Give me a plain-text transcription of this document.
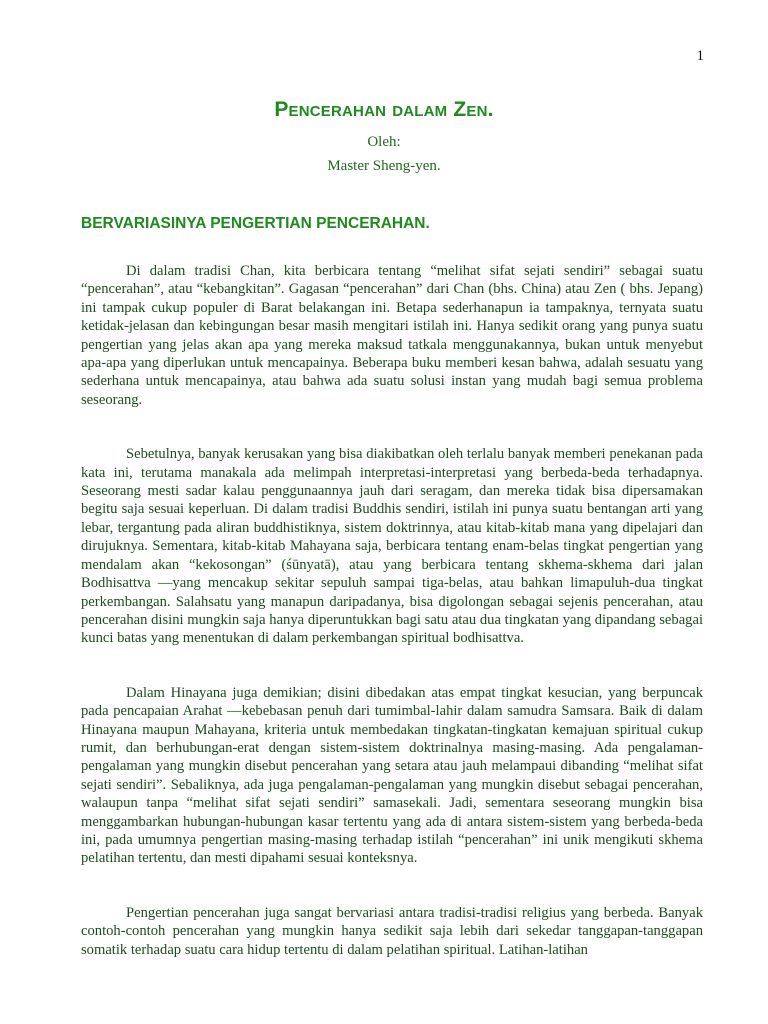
1
Pencerahan dalam Zen.
Oleh:
Master Sheng-yen.
BERVARIASINYA PENGERTIAN PENCERAHAN.

Di dalam tradisi Chan, kita berbicara tentang “melihat sifat sejati sendiri” sebagai suatu “pencerahan”, atau “kebangkitan”. Gagasan “pencerahan” dari Chan (bhs. China) atau Zen ( bhs. Jepang) ini tampak cukup populer di Barat belakangan ini. Betapa sederhanapun ia tampaknya, ternyata suatu ketidak-jelasan dan kebingungan besar masih mengitari istilah ini. Hanya sedikit orang yang punya suatu pengertian yang jelas akan apa yang mereka maksud tatkala menggunakannya, bukan untuk menyebut apa-apa yang diperlukan untuk mencapainya. Beberapa buku memberi kesan bahwa, adalah sesuatu yang sederhana untuk mencapainya, atau bahwa ada suatu solusi instan yang mudah bagi semua problema seseorang.

Sebetulnya, banyak kerusakan yang bisa diakibatkan oleh terlalu banyak memberi penekanan pada kata ini, terutama manakala ada melimpah interpretasi-interpretasi yang berbeda-beda terhadapnya. Seseorang mesti sadar kalau penggunaannya jauh dari seragam, dan mereka tidak bisa dipersamakan begitu saja sesuai keperluan. Di dalam tradisi Buddhis sendiri, istilah ini punya suatu bentangan arti yang lebar, tergantung pada aliran buddhistiknya, sistem doktrinnya, atau kitab-kitab mana yang dipelajari dan dirujuknya. Sementara, kitab-kitab Mahayana saja, berbicara tentang enam-belas tingkat pengertian yang mendalam akan “kekosongan” (śūnyatā), atau yang berbicara tentang skhema-skhema dari jalan Bodhisattva —yang mencakup sekitar sepuluh sampai tiga-belas, atau bahkan limapuluh-dua tingkat perkembangan. Salahsatu yang manapun daripadanya, bisa digolongan sebagai sejenis pencerahan, atau pencerahan disini mungkin saja hanya diperuntukkan bagi satu atau dua tingkatan yang dipandang sebagai kunci batas yang menentukan di dalam perkembangan spiritual bodhisattva.

Dalam Hinayana juga demikian; disini dibedakan atas empat tingkat kesucian, yang berpuncak pada pencapaian Arahat —kebebasan penuh dari tumimbal-lahir dalam samudra Samsara. Baik di dalam Hinayana maupun Mahayana, kriteria untuk membedakan tingkatan-tingkatan kemajuan spiritual cukup rumit, dan berhubungan-erat dengan sistem-sistem doktrinalnya masing-masing. Ada pengalaman-pengalaman yang mungkin disebut pencerahan yang setara atau jauh melampaui dibanding “melihat sifat sejati sendiri”. Sebaliknya, ada juga pengalaman-pengalaman yang mungkin disebut sebagai pencerahan, walaupun tanpa “melihat sifat sejati sendiri” samasekali. Jadi, sementara seseorang mungkin bisa menggambarkan hubungan-hubungan kasar tertentu yang ada di antara sistem-sistem yang berbeda-beda ini, pada umumnya pengertian masing-masing terhadap istilah “pencerahan” ini unik mengikuti skhema pelatihan tertentu, dan mesti dipahami sesuai konteksnya.

Pengertian pencerahan juga sangat bervariasi antara tradisi-tradisi religius yang berbeda. Banyak contoh-contoh pencerahan yang mungkin hanya sedikit saja lebih dari sekedar tanggapan-tanggapan somatik terhadap suatu cara hidup tertentu di dalam pelatihan spiritual. Latihan-latihan
